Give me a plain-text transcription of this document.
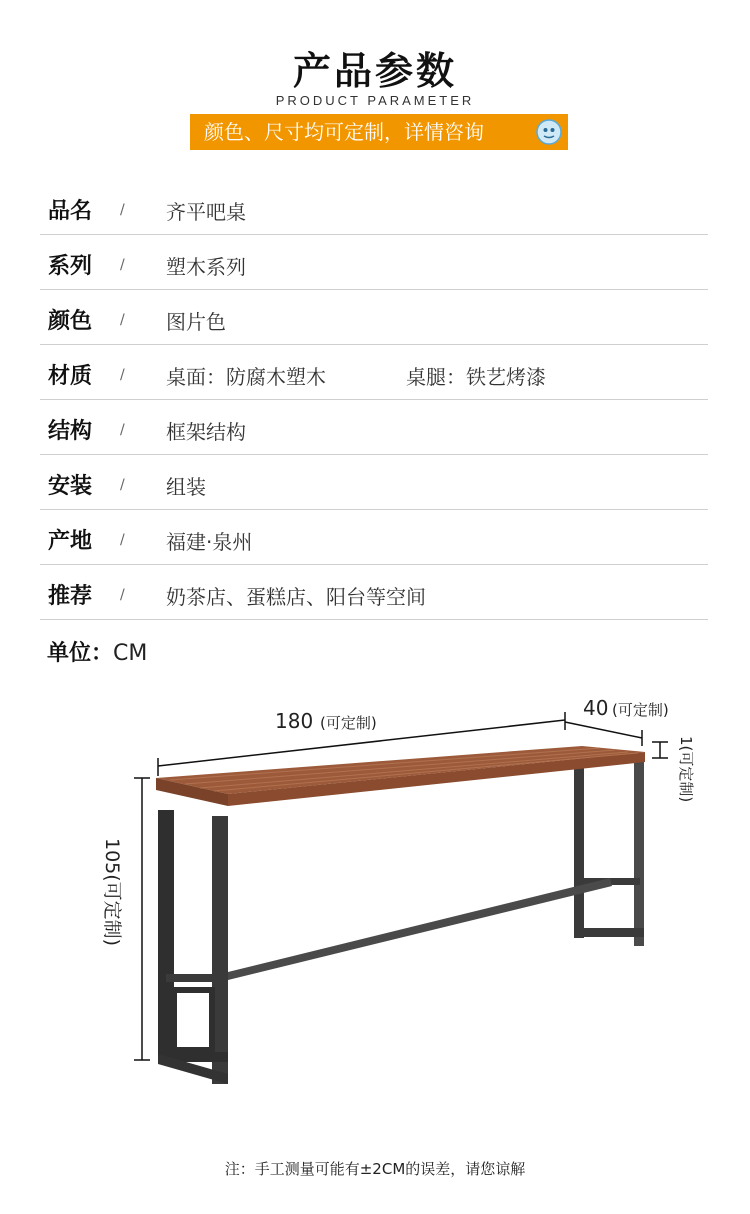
产品参数
PRODUCT PARAMETER
颜色、尺寸均可定制，详情咨询
品名 / 齐平吧桌
系列 / 塑木系列
颜色 / 图片色
材质 / 桌面：防腐木塑木	桌腿：铁艺烤漆
结构 / 框架结构
安装 / 组装
产地 / 福建·泉州
推荐 / 奶茶店、蛋糕店、阳台等空间
单位：CM
180 (可定制)
40 (可定制)
1(可定制)
105(可定制)
注：手工测量可能有±2CM的误差，请您谅解
